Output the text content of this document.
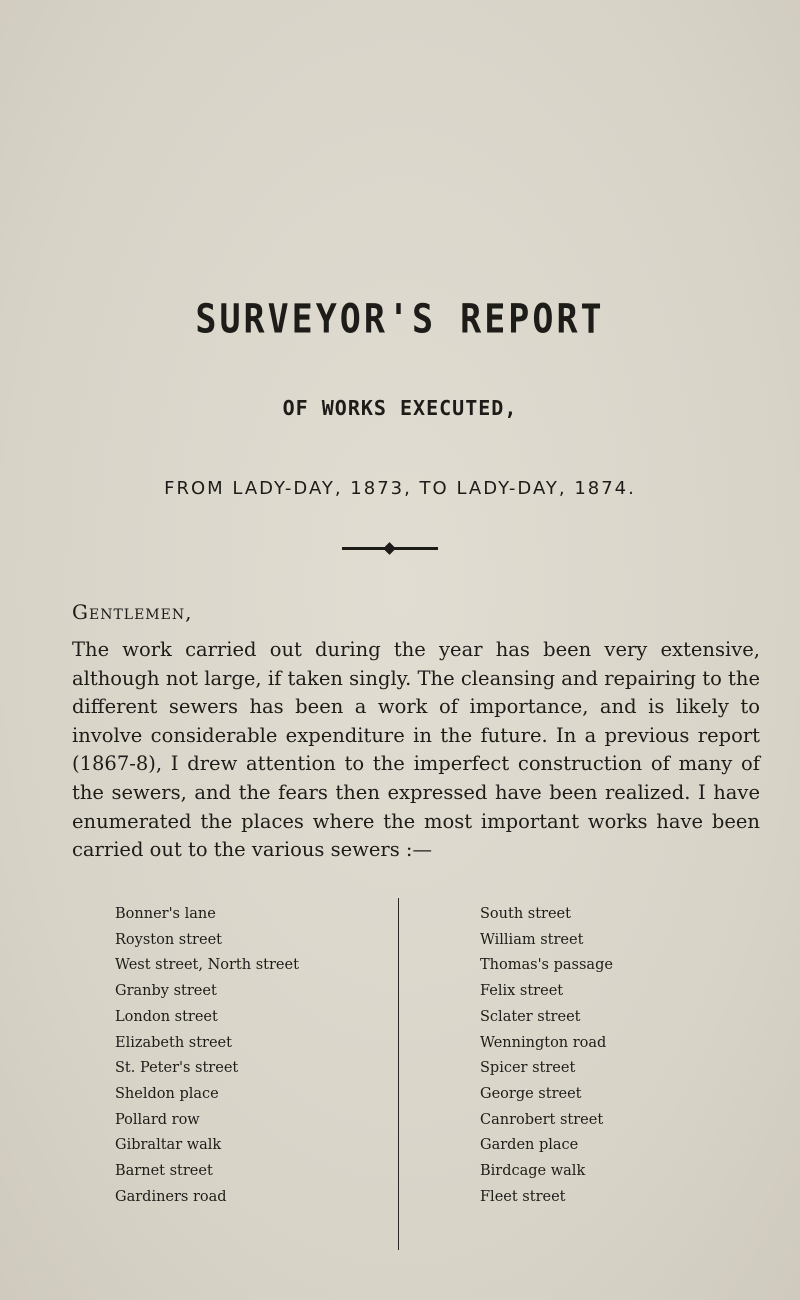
SURVEYOR'S REPORT
OF WORKS EXECUTED,
FROM LADY-DAY, 1873, TO LADY-DAY, 1874.
Gentlemen,
The work carried out during the year has been very extensive, although not large, if taken singly. The cleansing and repairing to the different sewers has been a work of importance, and is likely to involve considerable expenditure in the future. In a previous report (1867-8), I drew attention to the imperfect construction of many of the sewers, and the fears then expressed have been realized. I have enumerated the places where the most important works have been carried out to the various sewers :—
Bonner's lane
Royston street
West street, North street
Granby street
London street
Elizabeth street
St. Peter's street
Sheldon place
Pollard row
Gibraltar walk
Barnet street
Gardiners road
South street
William street
Thomas's passage
Felix street
Sclater street
Wennington road
Spicer street
George street
Canrobert street
Garden place
Birdcage walk
Fleet street
